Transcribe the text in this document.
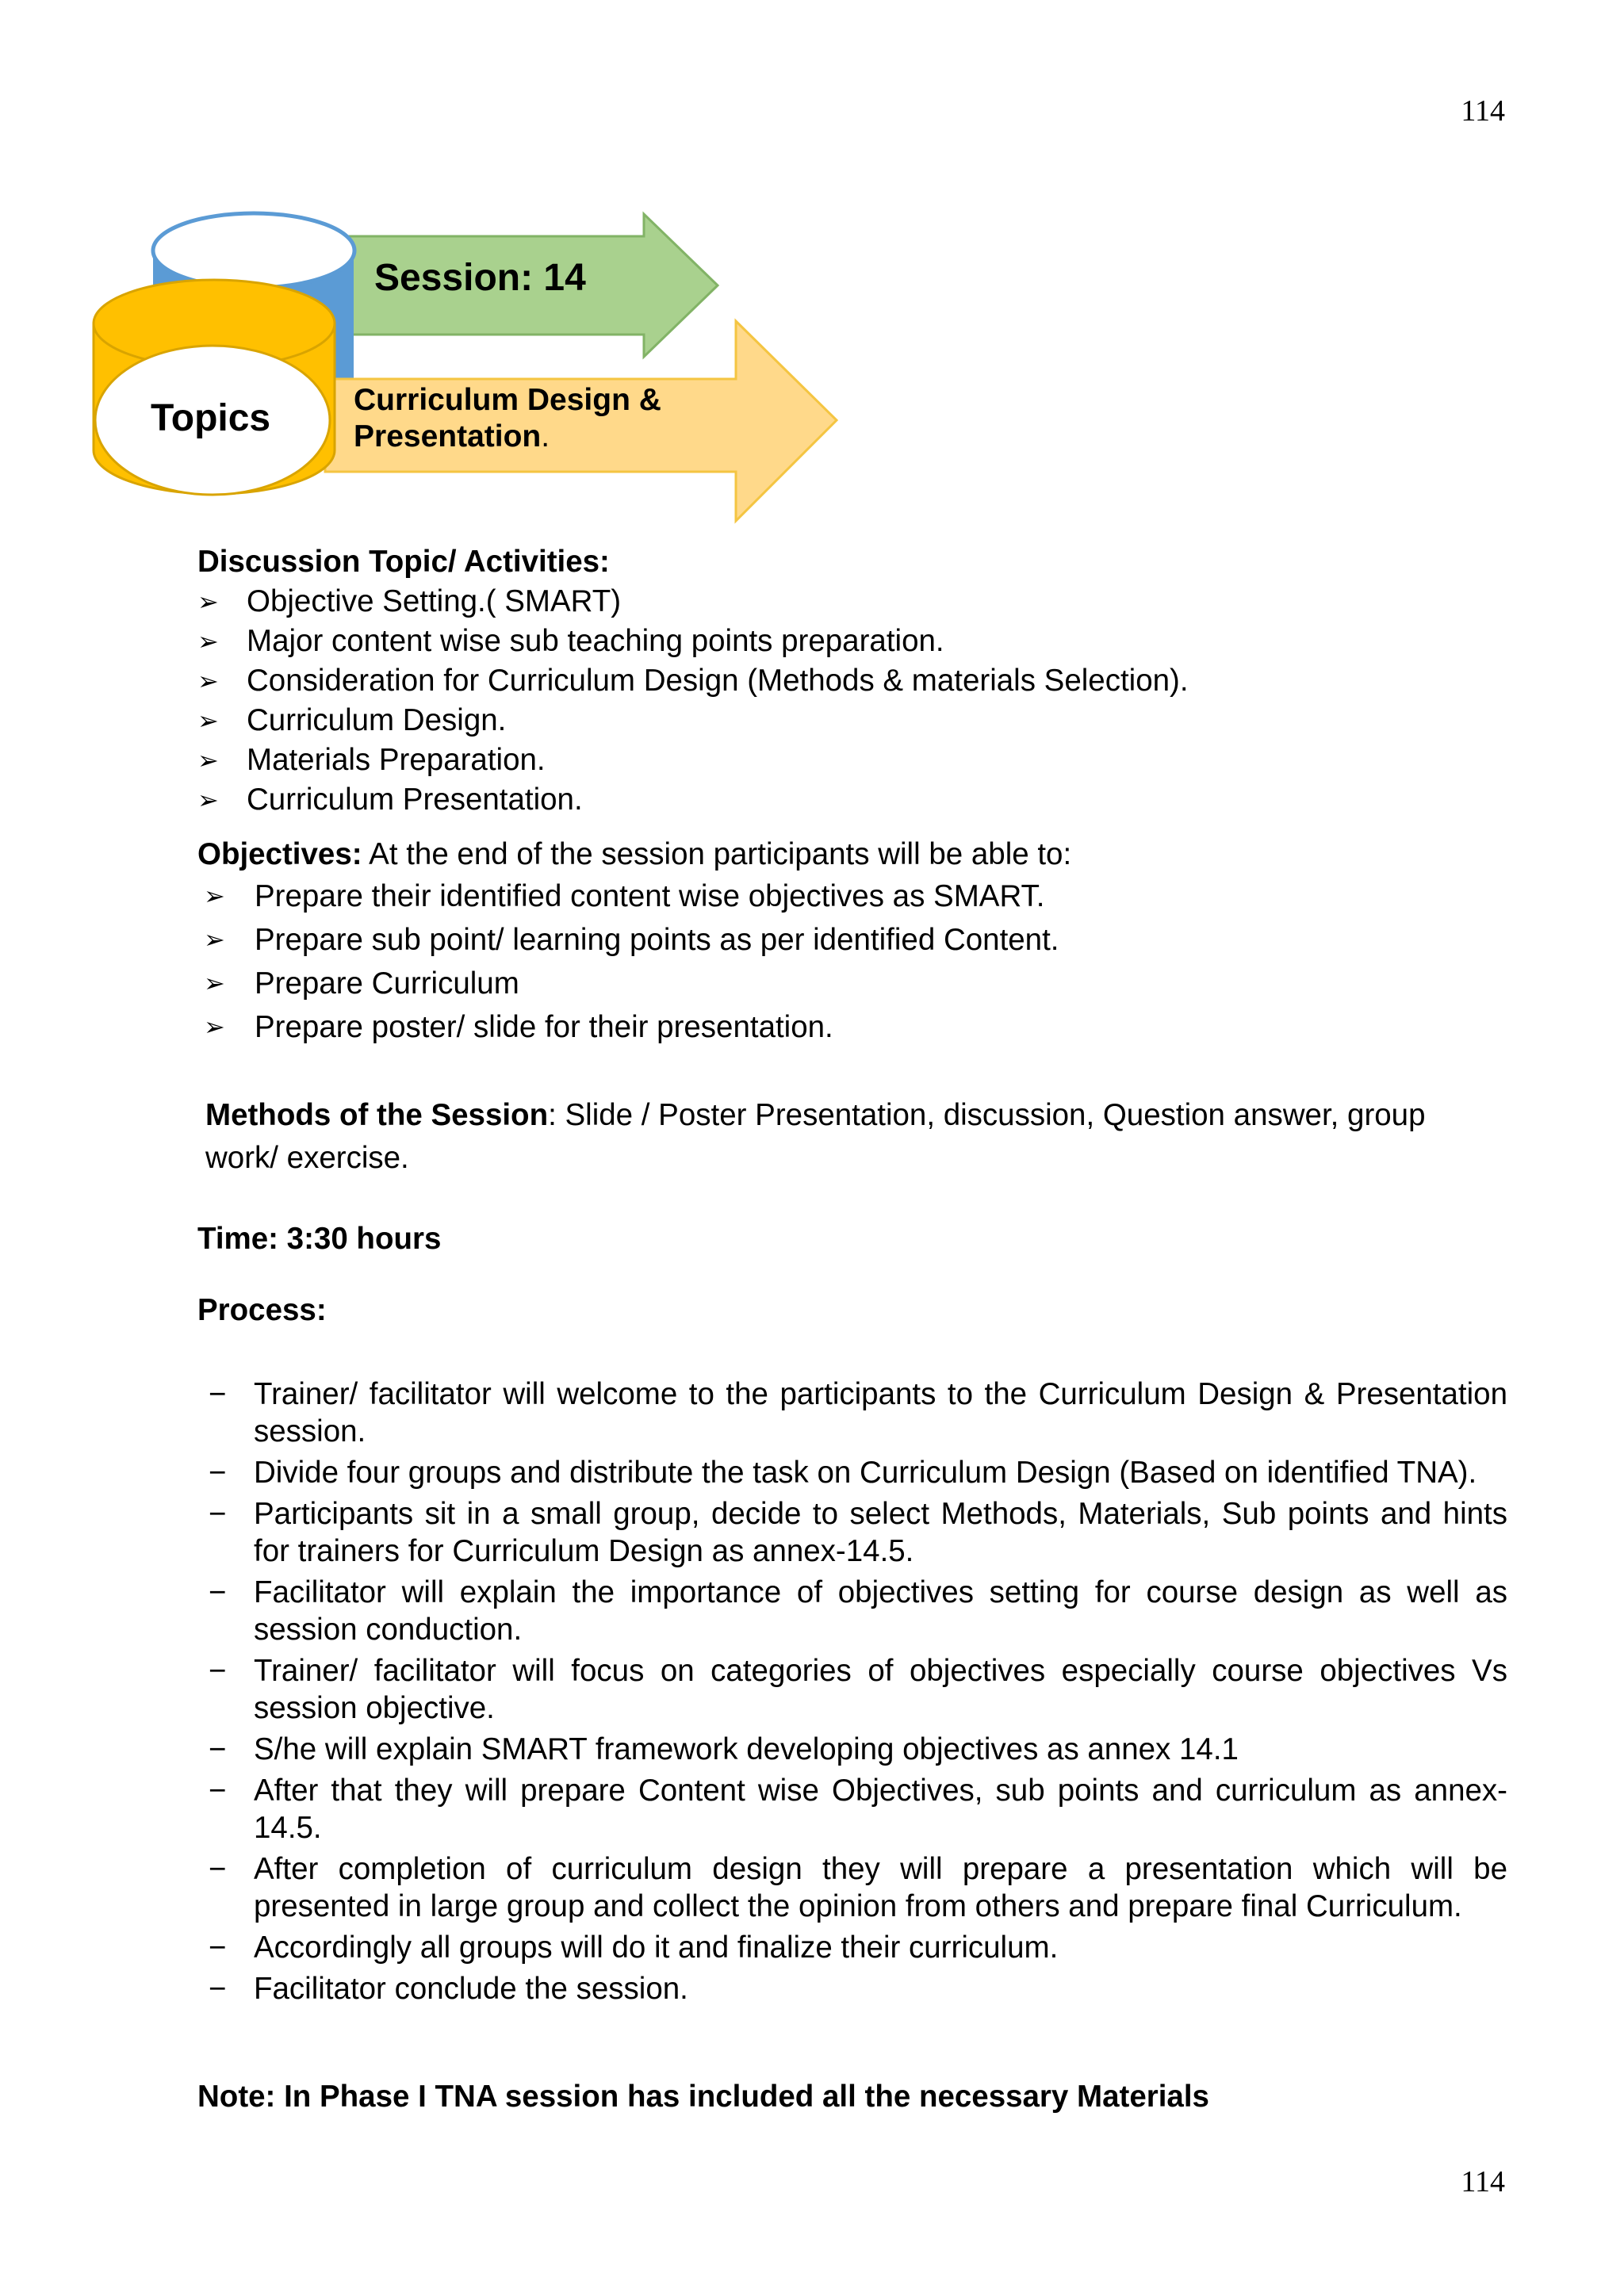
114
Session: 14
Topics	Curriculum Design & Presentation.
Discussion Topic/ Activities:
➢ Objective Setting.( SMART)
➢ Major content wise sub teaching points preparation.
➢ Consideration for Curriculum Design (Methods & materials Selection).
➢ Curriculum Design.
➢ Materials Preparation.
➢ Curriculum Presentation.
Objectives: At the end of the session participants will be able to:
➢ Prepare their identified content wise objectives as SMART.
➢ Prepare sub point/ learning points as per identified Content.
➢ Prepare Curriculum
➢ Prepare poster/ slide for their presentation.
Methods of the Session: Slide / Poster Presentation, discussion, Question answer, group work/ exercise.
Time: 3:30 hours
Process:
− Trainer/ facilitator will welcome to the participants to the Curriculum Design & Presentation session.
− Divide four groups and distribute the task on Curriculum Design (Based on identified TNA).
− Participants sit in a small group, decide to select Methods, Materials, Sub points and hints for trainers for Curriculum Design as annex-14.5.
− Facilitator will explain the importance of objectives setting for course design as well as session conduction.
− Trainer/ facilitator will focus on categories of objectives especially course objectives Vs session objective.
− S/he will explain SMART framework developing objectives as annex 14.1
− After that they will prepare Content wise Objectives, sub points and curriculum as annex- 14.5.
− After completion of curriculum design they will prepare a presentation which will be presented in large group and collect the opinion from others and prepare final Curriculum.
− Accordingly all groups will do it and finalize their curriculum.
− Facilitator conclude the session.
Note: In Phase I TNA session has included all the necessary Materials
114
